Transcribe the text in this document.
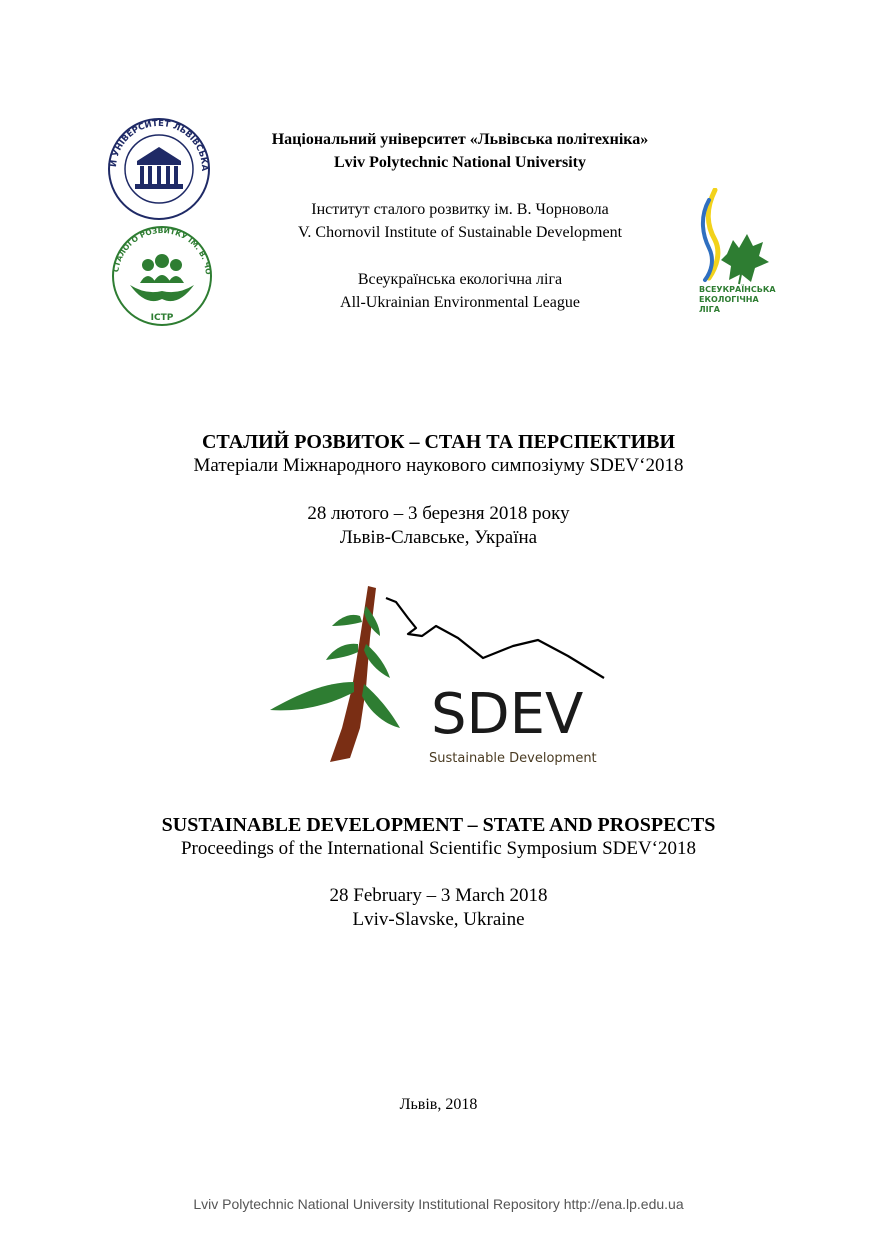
Й УНІВЕРСИТЕТ ЛЬВІВСЬКА
СТАЛОГО РОЗВИТКУ ІМ. В. ЧО
ІСТР
ВСЕУКРАЇНСЬКА
ЕКОЛОГІЧНА
ЛІГА
Національний університет «Львівська політехніка»
Lviv Polytechnic National University
Інститут сталого розвитку ім. В. Чорновола
V. Chornovil Institute of Sustainable Development
Всеукраїнська екологічна ліга
All-Ukrainian Environmental League
СТАЛИЙ РОЗВИТОК – СТАН ТА ПЕРСПЕКТИВИ
Матеріали Міжнародного наукового симпозіуму SDEV‘2018
28 лютого – 3 березня 2018 року
Львів-Славське, Україна
SDEV
Sustainable Development
SUSTAINABLE DEVELOPMENT – STATE AND PROSPECTS
Proceedings of the International Scientific Symposium SDEV‘2018
28 February – 3 March 2018
Lviv-Slavske, Ukraine
Львів, 2018
Lviv Polytechnic National University Institutional Repository http://ena.lp.edu.ua
